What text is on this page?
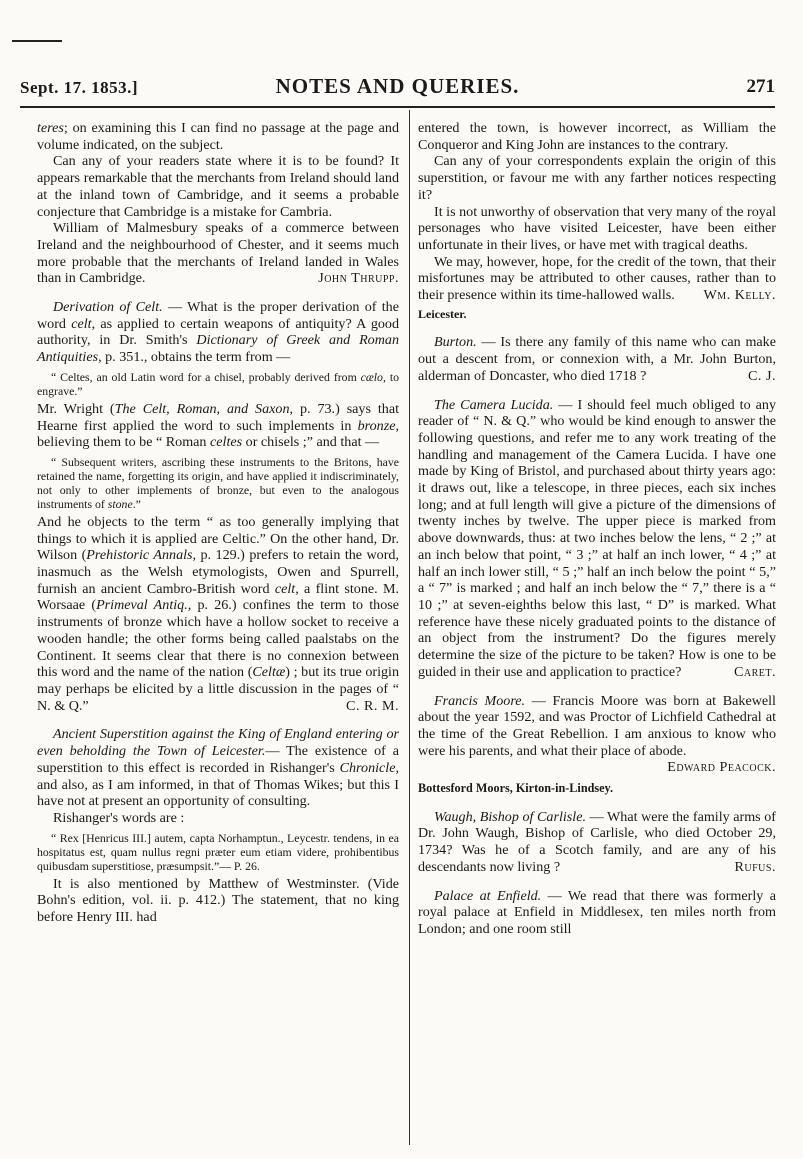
Sept. 17. 1853.]	NOTES AND QUERIES.	271

teres; on examining this I can find no passage at the page and volume indicated, on the subject.

Can any of your readers state where it is to be found? It appears remarkable that the merchants from Ireland should land at the inland town of Cambridge, and it seems a probable conjecture that Cambridge is a mistake for Cambria.

William of Malmesbury speaks of a commerce between Ireland and the neighbourhood of Chester, and it seems much more probable that the merchants of Ireland landed in Wales than in Cambridge.	John Thrupp.

Derivation of Celt. — What is the proper derivation of the word celt, as applied to certain weapons of antiquity? A good authority, in Dr. Smith's Dictionary of Greek and Roman Antiquities, p. 351., obtains the term from —

“ Celtes, an old Latin word for a chisel, probably derived from cælo, to engrave.”

Mr. Wright (The Celt, Roman, and Saxon, p. 73.) says that Hearne first applied the word to such implements in bronze, believing them to be “ Roman celtes or chisels ;” and that —

“ Subsequent writers, ascribing these instruments to the Britons, have retained the name, forgetting its origin, and have applied it indiscriminately, not only to other implements of bronze, but even to the analogous instruments of stone.”

And he objects to the term “ as too generally implying that things to which it is applied are Celtic.” On the other hand, Dr. Wilson (Prehistoric Annals, p. 129.) prefers to retain the word, inasmuch as the Welsh etymologists, Owen and Spurrell, furnish an ancient Cambro-British word celt, a flint stone. M. Worsaae (Primeval Antiq., p. 26.) confines the term to those instruments of bronze which have a hollow socket to receive a wooden handle; the other forms being called paalstabs on the Continent. It seems clear that there is no connexion between this word and the name of the nation (Celtæ) ; but its true origin may perhaps be elicited by a little discussion in the pages of “ N. & Q.”	C. R. M.

Ancient Superstition against the King of England entering or even beholding the Town of Leicester.— The existence of a superstition to this effect is recorded in Rishanger's Chronicle, and also, as I am informed, in that of Thomas Wikes; but this I have not at present an opportunity of consulting.

Rishanger's words are :

“ Rex [Henricus III.] autem, capta Norhamptun., Leycestr. tendens, in ea hospitatus est, quam nullus regni præter eum etiam videre, prohibentibus quibusdam superstitiose, præsumpsit.”— P. 26.

It is also mentioned by Matthew of Westminster. (Vide Bohn's edition, vol. ii. p. 412.) The statement, that no king before Henry III. had

entered the town, is however incorrect, as William the Conqueror and King John are instances to the contrary.

Can any of your correspondents explain the origin of this superstition, or favour me with any farther notices respecting it?

It is not unworthy of observation that very many of the royal personages who have visited Leicester, have been either unfortunate in their lives, or have met with tragical deaths.

We may, however, hope, for the credit of the town, that their misfortunes may be attributed to other causes, rather than to their presence within its time-hallowed walls.	Wm. Kelly.

Leicester.

Burton. — Is there any family of this name who can make out a descent from, or connexion with, a Mr. John Burton, alderman of Doncaster, who died 1718 ?	C. J.

The Camera Lucida. — I should feel much obliged to any reader of “ N. & Q.” who would be kind enough to answer the following questions, and refer me to any work treating of the handling and management of the Camera Lucida. I have one made by King of Bristol, and purchased about thirty years ago: it draws out, like a telescope, in three pieces, each six inches long; and at full length will give a picture of the dimensions of twenty inches by twelve. The upper piece is marked from above downwards, thus: at two inches below the lens, “ 2 ;” at an inch below that point, “ 3 ;” at half an inch lower, “ 4 ;” at half an inch lower still, “ 5 ;” half an inch below the point “ 5,” a “ 7” is marked ; and half an inch below the “ 7,” there is a “ 10 ;” at seven-eighths below this last, “ D” is marked. What reference have these nicely graduated points to the distance of an object from the instrument? Do the figures merely determine the size of the picture to be taken? How is one to be guided in their use and application to practice?	Caret.

Francis Moore. — Francis Moore was born at Bakewell about the year 1592, and was Proctor of Lichfield Cathedral at the time of the Great Rebellion. I am anxious to know who were his parents, and what their place of abode.

Edward Peacock.

Bottesford Moors, Kirton-in-Lindsey.

Waugh, Bishop of Carlisle. — What were the family arms of Dr. John Waugh, Bishop of Carlisle, who died October 29, 1734? Was he of a Scotch family, and are any of his descendants now living ?	Rufus.

Palace at Enfield. — We read that there was formerly a royal palace at Enfield in Middlesex, ten miles north from London; and one room still
